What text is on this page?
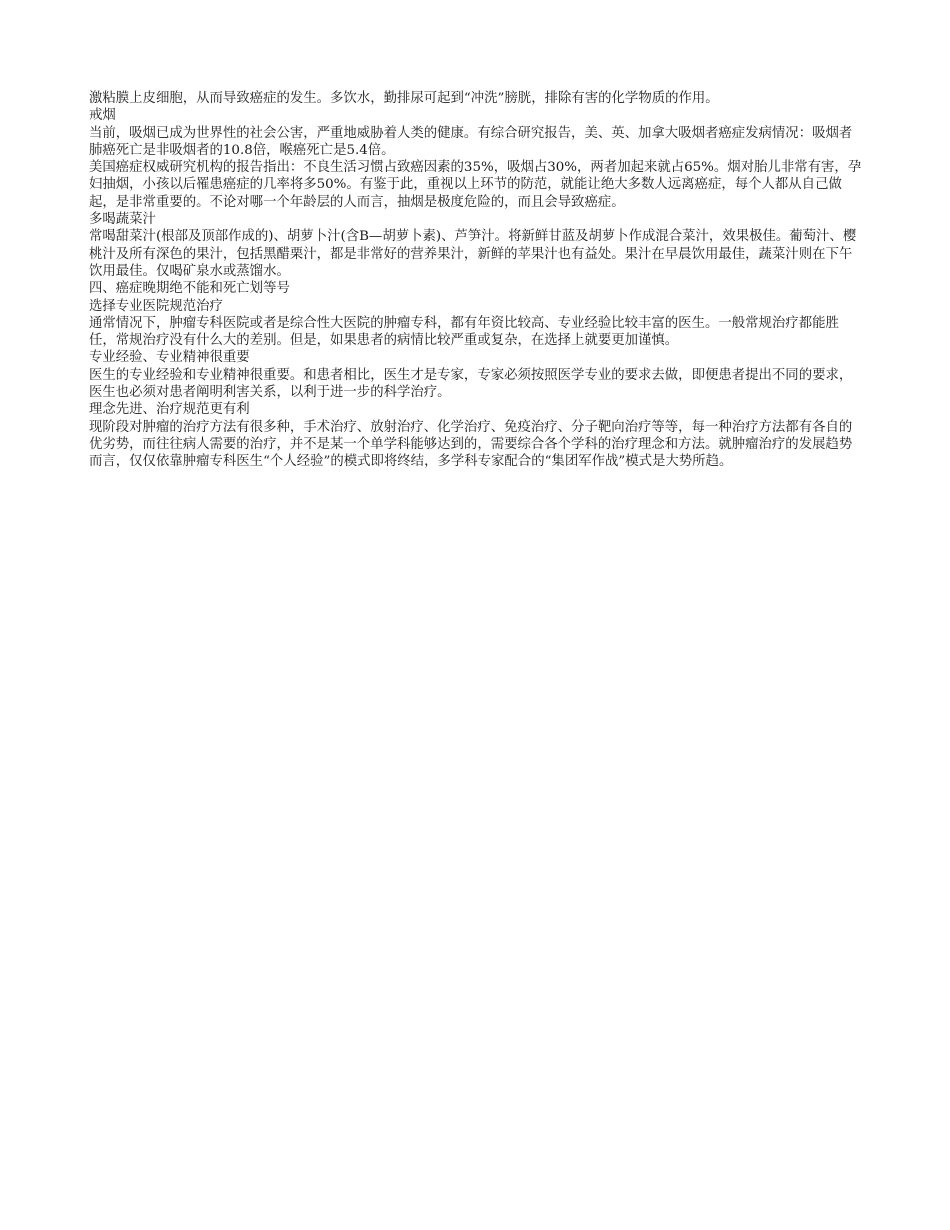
激粘膜上皮细胞，从而导致癌症的发生。多饮水，勤排尿可起到“冲洗”膀胱，排除有害的化学物质的作用。

戒烟

当前，吸烟已成为世界性的社会公害，严重地威胁着人类的健康。有综合研究报告，美、英、加拿大吸烟者癌症发病情况：吸烟者肺癌死亡是非吸烟者的10.8倍，喉癌死亡是5.4倍。

美国癌症权威研究机构的报告指出：不良生活习惯占致癌因素的35%，吸烟占30%，两者加起来就占65%。烟对胎儿非常有害，孕妇抽烟，小孩以后罹患癌症的几率将多50%。有鉴于此，重视以上环节的防范，就能让绝大多数人远离癌症，每个人都从自己做起，是非常重要的。不论对哪一个年龄层的人而言，抽烟是极度危险的，而且会导致癌症。

多喝蔬菜汁

常喝甜菜汁(根部及顶部作成的)、胡萝卜汁(含B—胡萝卜素)、芦笋汁。将新鲜甘蓝及胡萝卜作成混合菜汁，效果极佳。葡萄汁、樱桃汁及所有深色的果汁，包括黑醋栗汁，都是非常好的营养果汁，新鲜的苹果汁也有益处。果汁在早晨饮用最佳，蔬菜汁则在下午饮用最佳。仅喝矿泉水或蒸馏水。

四、癌症晚期绝不能和死亡划等号

选择专业医院规范治疗

通常情况下，肿瘤专科医院或者是综合性大医院的肿瘤专科，都有年资比较高、专业经验比较丰富的医生。一般常规治疗都能胜任，常规治疗没有什么大的差别。但是，如果患者的病情比较严重或复杂，在选择上就要更加谨慎。

专业经验、专业精神很重要

医生的专业经验和专业精神很重要。和患者相比，医生才是专家，专家必须按照医学专业的要求去做，即便患者提出不同的要求，医生也必须对患者阐明利害关系，以利于进一步的科学治疗。

理念先进、治疗规范更有利

现阶段对肿瘤的治疗方法有很多种，手术治疗、放射治疗、化学治疗、免疫治疗、分子靶向治疗等等，每一种治疗方法都有各自的优劣势，而往往病人需要的治疗，并不是某一个单学科能够达到的，需要综合各个学科的治疗理念和方法。就肿瘤治疗的发展趋势而言，仅仅依靠肿瘤专科医生“个人经验”的模式即将终结，多学科专家配合的“集团军作战”模式是大势所趋。
